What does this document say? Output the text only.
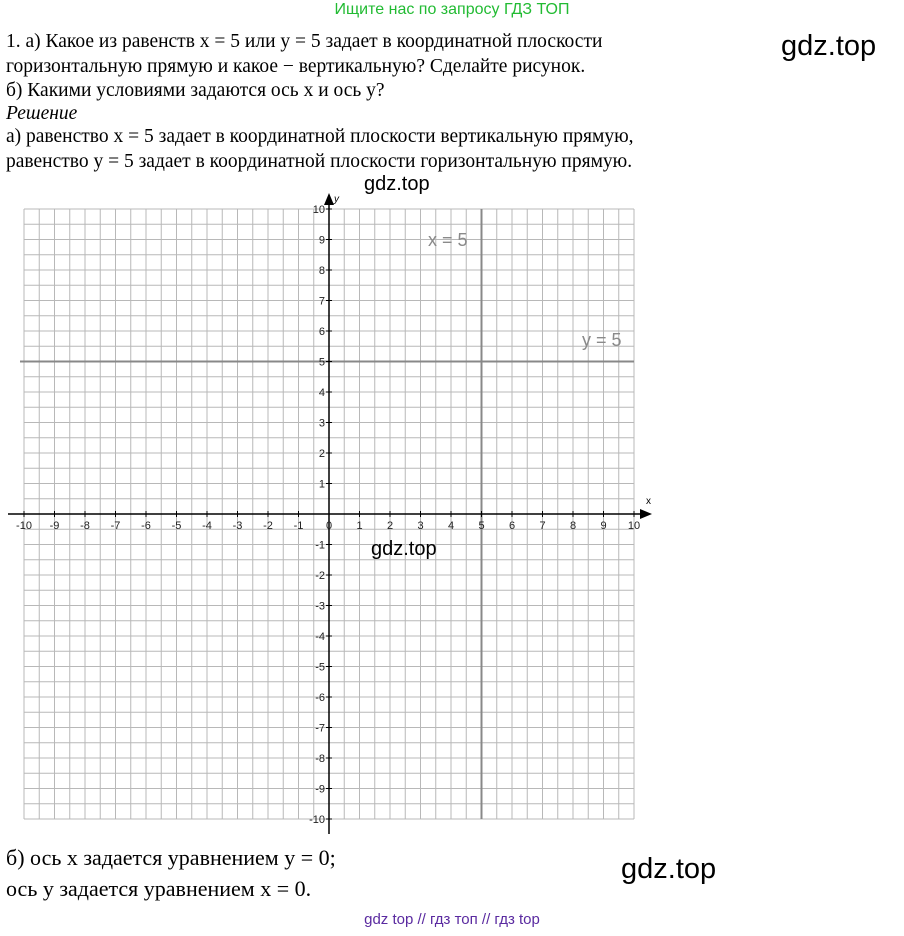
Ищите нас по запросу ГДЗ ТОП
1. а) Какое из равенств x = 5 или y = 5 задает в координатной плоскости
горизонтальную прямую и какое − вертикальную? Сделайте рисунок.
б) Какими условиями задаются ось x и ось y?
Решение
а) равенство x = 5 задает в координатной плоскости вертикальную прямую,
равенство y = 5 задает в координатной плоскости горизонтальную прямую.
gdz.top
gdz.top
x = 5
y = 5
x
y
-10 -9 -8 -7 -6 -5 -4 -3 -2 -1 0 1 2 3 4 5 6 7 8 9 10
-10
-9
-8
-7
-6
-5
-4
-3
-2
-1
1
2
3
4
5
6
7
8
9
10
gdz.top
б) ось x задается уравнением y = 0;
ось y задается уравнением x = 0.
gdz.top
gdz top // гдз топ // гдз top
